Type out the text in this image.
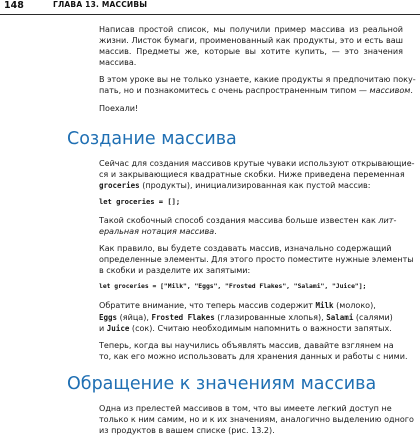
148	ГЛАВА 13. МАССИВЫ

Написав простой список, мы получили пример массива из реальной
жизни. Листок бумаги, проименованный как продукты, это и есть ваш
массив. Предметы же, которые вы хотите купить, — это значения
массива.

В этом уроке вы не только узнаете, какие продукты я предпочитаю поку-
пать, но и познакомитесь с очень распространенным типом — массивом.

Поехали!

Создание массива

Сейчас для создания массивов крутые чуваки используют открывающие-
ся и закрывающиеся квадратные скобки. Ниже приведена переменная
groceries (продукты), инициализированная как пустой массив:

let groceries = [];

Такой скобочный способ создания массива больше известен как лит-
еральная нотация массива.

Как правило, вы будете создавать массив, изначально содержащий
определенные элементы. Для этого просто поместите нужные элементы
в скобки и разделите их запятыми:

let groceries = ["Milk", "Eggs", "Frosted Flakes", "Salami", "Juice"];

Обратите внимание, что теперь массив содержит Milk (молоко),
Eggs (яйца), Frosted Flakes (глазированные хлопья), Salami (салями)
и Juice (сок). Считаю необходимым напомнить о важности запятых.

Теперь, когда вы научились объявлять массив, давайте взглянем на
то, как его можно использовать для хранения данных и работы с ними.

Обращение к значениям массива

Одна из прелестей массивов в том, что вы имеете легкий доступ не
только к ним самим, но и к их значениям, аналогично выделению одного
из продуктов в вашем списке (рис. 13.2).
